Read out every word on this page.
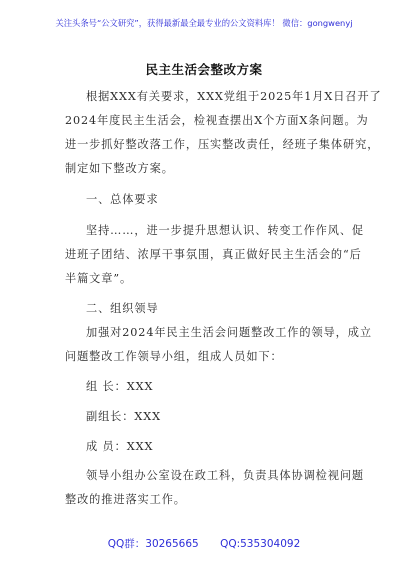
关注头条号“公文研究”，获得最新最全最专业的公文资料库！ 微信：gongwenyj
民主生活会整改方案
根据XXX有关要求，XXX党组于2025年1月X日召开了
2024年度民主生活会，检视查摆出X个方面X条问题。为
进一步抓好整改落工作，压实整改责任，经班子集体研究，
制定如下整改方案。
一、总体要求
坚持……，进一步提升思想认识、转变工作作风、促
进班子团结、浓厚干事氛围，真正做好民主生活会的“后
半篇文章”。
二、组织领导
加强对2024年民主生活会问题整改工作的领导，成立
问题整改工作领导小组，组成人员如下：
组 长：XXX
副组长：XXX
成 员：XXX
领导小组办公室设在政工科，负责具体协调检视问题
整改的推进落实工作。
QQ群：30265665 QQ:535304092
